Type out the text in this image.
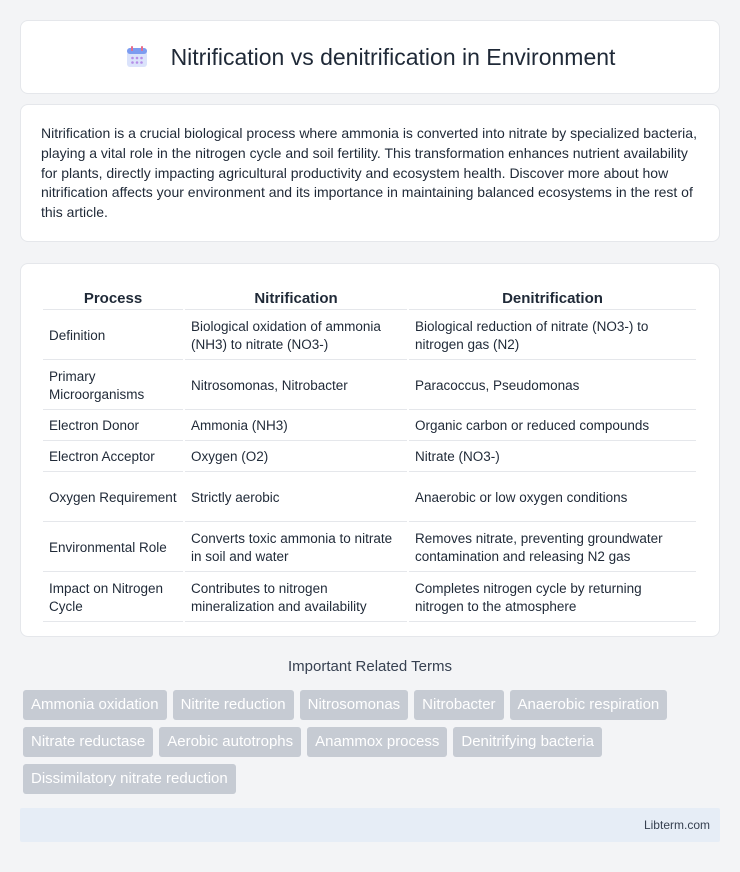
Nitrification vs denitrification in Environment

Nitrification is a crucial biological process where ammonia is converted into nitrate by specialized bacteria, playing a vital role in the nitrogen cycle and soil fertility. This transformation enhances nutrient availability for plants, directly impacting agricultural productivity and ecosystem health. Discover more about how nitrification affects your environment and its importance in maintaining balanced ecosystems in the rest of this article.

Process	Nitrification	Denitrification
Definition	Biological oxidation of ammonia (NH3) to nitrate (NO3-)	Biological reduction of nitrate (NO3-) to nitrogen gas (N2)
Primary Microorganisms	Nitrosomonas, Nitrobacter	Paracoccus, Pseudomonas
Electron Donor	Ammonia (NH3)	Organic carbon or reduced compounds
Electron Acceptor	Oxygen (O2)	Nitrate (NO3-)
Oxygen Requirement	Strictly aerobic	Anaerobic or low oxygen conditions
Environmental Role	Converts toxic ammonia to nitrate in soil and water	Removes nitrate, preventing groundwater contamination and releasing N2 gas
Impact on Nitrogen Cycle	Contributes to nitrogen mineralization and availability	Completes nitrogen cycle by returning nitrogen to the atmosphere
Important Related Terms
Ammonia oxidation	Nitrite reduction	Nitrosomonas	Nitrobacter	Anaerobic respiration
Nitrate reductase	Aerobic autotrophs	Anammox process	Denitrifying bacteria
Dissimilatory nitrate reduction
Libterm.com
